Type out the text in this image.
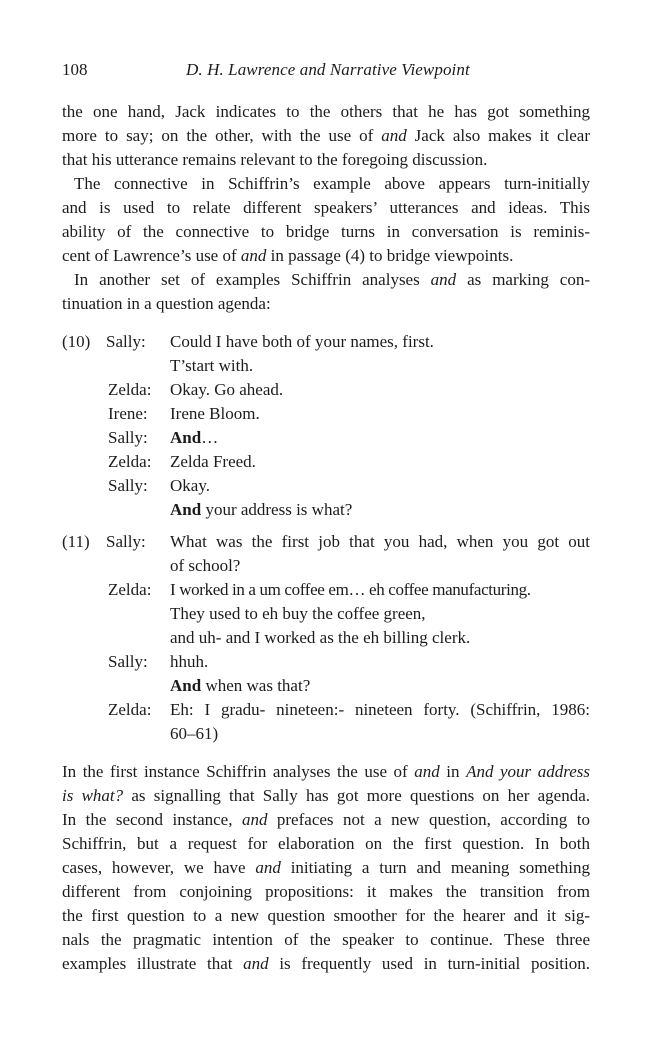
108	D. H. Lawrence and Narrative Viewpoint
the one hand, Jack indicates to the others that he has got something
more to say; on the other, with the use of and Jack also makes it clear
that his utterance remains relevant to the foregoing discussion.
The connective in Schiffrin’s example above appears turn-initially
and is used to relate different speakers’ utterances and ideas. This
ability of the connective to bridge turns in conversation is reminis-
cent of Lawrence’s use of and in passage (4) to bridge viewpoints.
In another set of examples Schiffrin analyses and as marking con-
tinuation in a question agenda:
(10) Sally:	Could I have both of your names, first.
T’start with.
Zelda:	Okay. Go ahead.
Irene:	Irene Bloom.
Sally:	And…
Zelda:	Zelda Freed.
Sally:	Okay.
And your address is what?
(11) Sally:	What was the first job that you had, when you got out
of school?
Zelda:	I worked in a um coffee em… eh coffee manufacturing.
They used to eh buy the coffee green,
and uh- and I worked as the eh billing clerk.
Sally:	hhuh.
And when was that?
Zelda:	Eh: I gradu- nineteen:- nineteen forty. (Schiffrin, 1986:
60–61)
In the first instance Schiffrin analyses the use of and in And your address
is what? as signalling that Sally has got more questions on her agenda.
In the second instance, and prefaces not a new question, according to
Schiffrin, but a request for elaboration on the first question. In both
cases, however, we have and initiating a turn and meaning something
different from conjoining propositions: it makes the transition from
the first question to a new question smoother for the hearer and it sig-
nals the pragmatic intention of the speaker to continue. These three
examples illustrate that and is frequently used in turn-initial position.
